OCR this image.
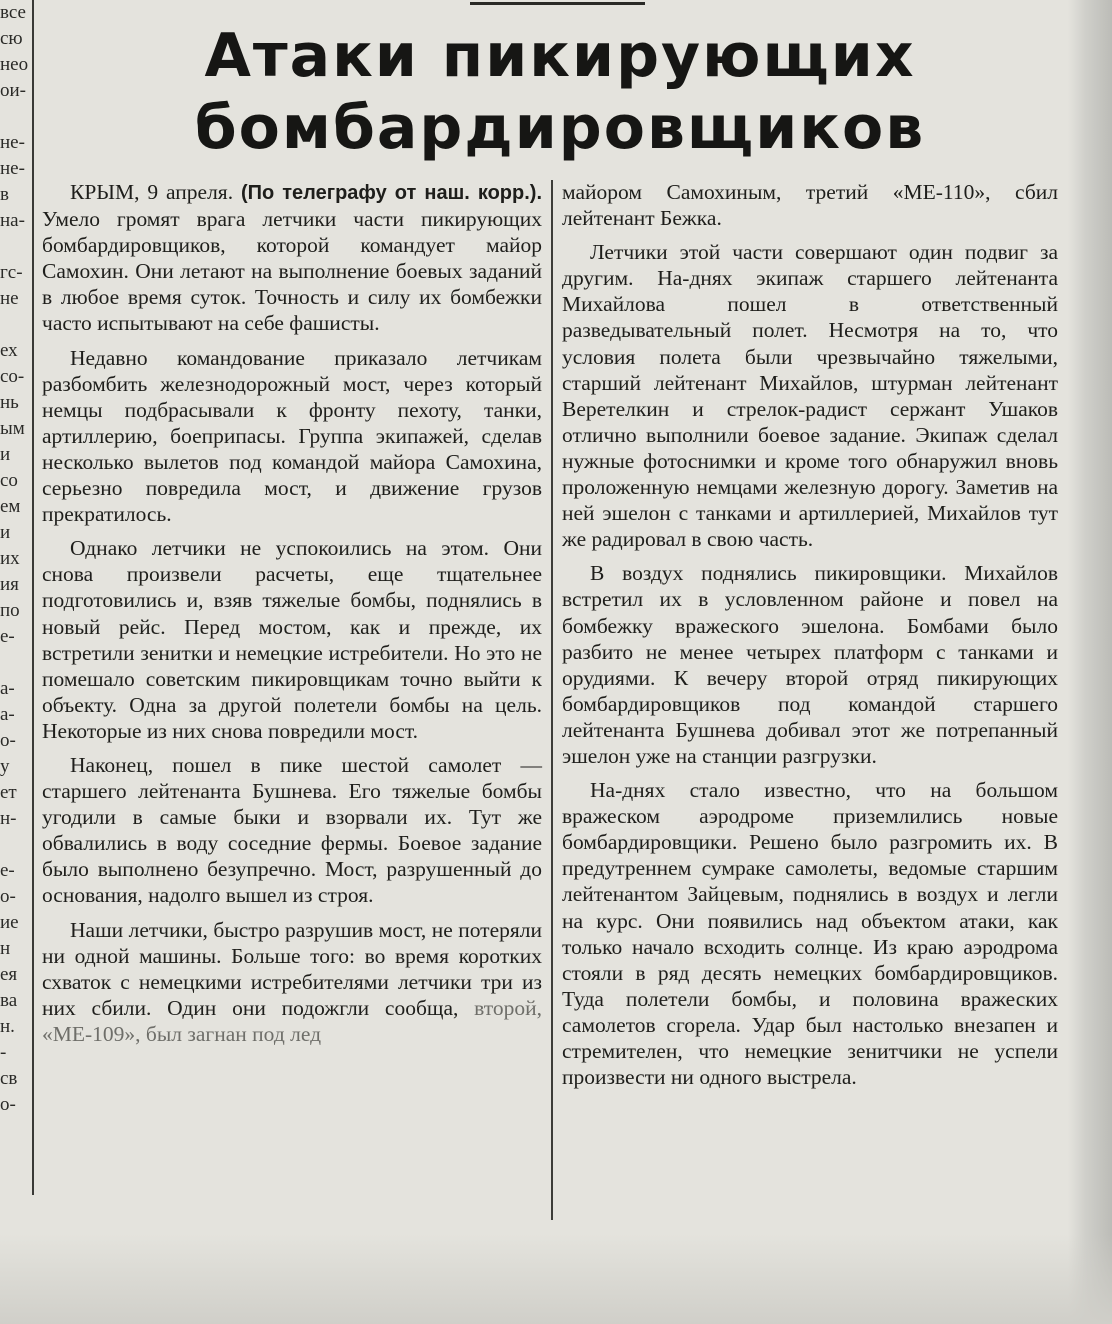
все
сю
нео
ои-
не-
не-
в
на-
гс-
не
ех
со-
нь
ым
и
со
ем
и
их
ия
по
е-
а-
а-
о-
у
ет
н-
е-
о-
ие
н
ея
ва
н.
-
св
о-
Атаки пикирующих
бомбардировщиков

КРЫМ, 9 апреля. (По телеграфу от наш. корр.). Умело громят врага летчики части пикирующих бомбардировщиков, которой командует майор Самохин. Они летают на выполнение боевых заданий в любое время суток. Точность и силу их бомбежки часто испытывают на себе фашисты.

Недавно командование приказало летчикам разбомбить железнодорожный мост, через который немцы подбрасывали к фронту пехоту, танки, артиллерию, боеприпасы. Группа экипажей, сделав несколько вылетов под командой майора Самохина, серьезно повредила мост, и движение грузов прекратилось.

Однако летчики не успокоились на этом. Они снова произвели расчеты, еще тщательнее подготовились и, взяв тяжелые бомбы, поднялись в новый рейс. Перед мостом, как и прежде, их встретили зенитки и немецкие истребители. Но это не помешало советским пикировщикам точно выйти к объекту. Одна за другой полетели бомбы на цель. Некоторые из них снова повредили мост.

Наконец, пошел в пике шестой самолет — старшего лейтенанта Бушнева. Его тяжелые бомбы угодили в самые быки и взорвали их. Тут же обвалились в воду соседние фермы. Боевое задание было выполнено безупречно. Мост, разрушенный до основания, надолго вышел из строя.

Наши летчики, быстро разрушив мост, не потеряли ни одной машины. Больше того: во время коротких схваток с немецкими истребителями летчики три из них сбили. Один они подожгли сообща, второй, «МЕ-109», был загнан под лед

майором Самохиным, третий «МЕ-110», сбил лейтенант Бежка.

Летчики этой части совершают один подвиг за другим. На-днях экипаж старшего лейтенанта Михайлова пошел в ответственный разведывательный полет. Несмотря на то, что условия полета были чрезвычайно тяжелыми, старший лейтенант Михайлов, штурман лейтенант Веретелкин и стрелок-радист сержант Ушаков отлично выполнили боевое задание. Экипаж сделал нужные фотоснимки и кроме того обнаружил вновь проложенную немцами железную дорогу. Заметив на ней эшелон с танками и артиллерией, Михайлов тут же радировал в свою часть.

В воздух поднялись пикировщики. Михайлов встретил их в условленном районе и повел на бомбежку вражеского эшелона. Бомбами было разбито не менее четырех платформ с танками и орудиями. К вечеру второй отряд пикирующих бомбардировщиков под командой старшего лейтенанта Бушнева добивал этот же потрепанный эшелон уже на станции разгрузки.

На-днях стало известно, что на большом вражеском аэродроме приземлились новые бомбардировщики. Решено было разгромить их. В предутреннем сумраке самолеты, ведомые старшим лейтенантом Зайцевым, поднялись в воздух и легли на курс. Они появились над объектом атаки, как только начало всходить солнце. Из краю аэродрома стояли в ряд десять немецких бомбардировщиков. Туда полетели бомбы, и половина вражеских самолетов сгорела. Удар был настолько внезапен и стремителен, что немецкие зенитчики не успели произвести ни одного выстрела.
